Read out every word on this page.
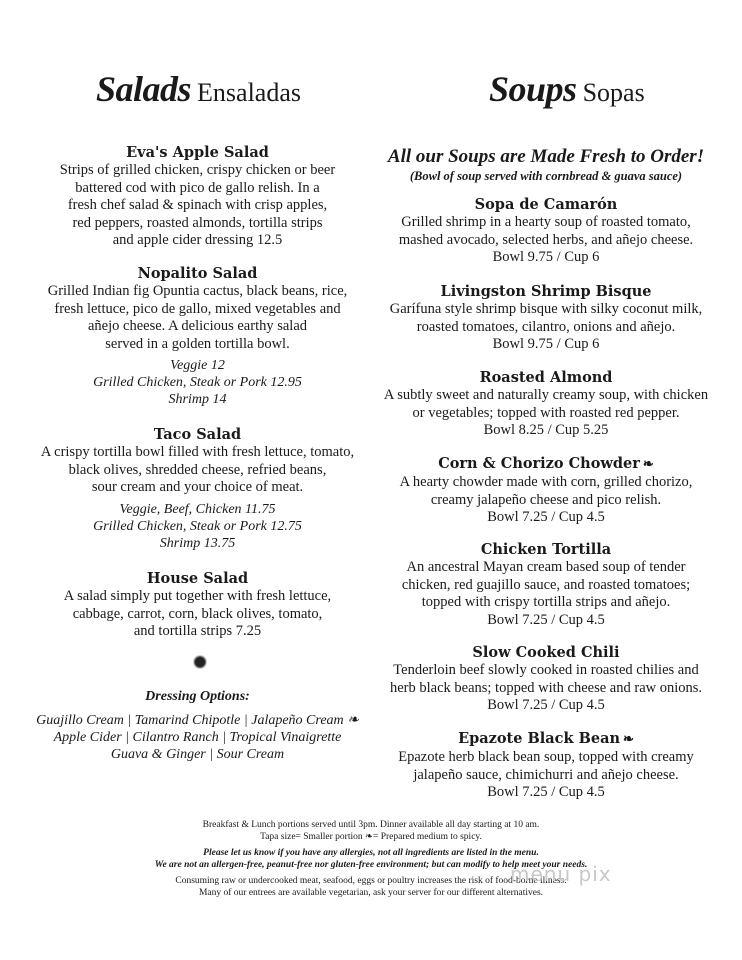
Salads Ensaladas
Eva's Apple Salad
Strips of grilled chicken, crispy chicken or beer
battered cod with pico de gallo relish. In a
fresh chef salad & spinach with crisp apples,
red peppers, roasted almonds, tortilla strips
and apple cider dressing 12.5
Nopalito Salad
Grilled Indian fig Opuntia cactus, black beans, rice,
fresh lettuce, pico de gallo, mixed vegetables and
añejo cheese. A delicious earthy salad
served in a golden tortilla bowl.
Veggie 12
Grilled Chicken, Steak or Pork 12.95
Shrimp 14
Taco Salad
A crispy tortilla bowl filled with fresh lettuce, tomato,
black olives, shredded cheese, refried beans,
sour cream and your choice of meat.
Veggie, Beef, Chicken 11.75
Grilled Chicken, Steak or Pork 12.75
Shrimp 13.75
House Salad
A salad simply put together with fresh lettuce,
cabbage, carrot, corn, black olives, tomato,
and tortilla strips 7.25
Dressing Options:
Guajillo Cream | Tamarind Chipotle | Jalapeño Cream ❧
Apple Cider | Cilantro Ranch | Tropical Vinaigrette
Guava & Ginger | Sour Cream
Soups Sopas
All our Soups are Made Fresh to Order!
(Bowl of soup served with cornbread & guava sauce)
Sopa de Camarón
Grilled shrimp in a hearty soup of roasted tomato,
mashed avocado, selected herbs, and añejo cheese.
Bowl 9.75 / Cup 6
Livingston Shrimp Bisque
Garífuna style shrimp bisque with silky coconut milk,
roasted tomatoes, cilantro, onions and añejo.
Bowl 9.75 / Cup 6
Roasted Almond
A subtly sweet and naturally creamy soup, with chicken
or vegetables; topped with roasted red pepper.
Bowl 8.25 / Cup 5.25
Corn & Chorizo Chowder ❧
A hearty chowder made with corn, grilled chorizo,
creamy jalapeño cheese and pico relish.
Bowl 7.25 / Cup 4.5
Chicken Tortilla
An ancestral Mayan cream based soup of tender
chicken, red guajillo sauce, and roasted tomatoes;
topped with crispy tortilla strips and añejo.
Bowl 7.25 / Cup 4.5
Slow Cooked Chili
Tenderloin beef slowly cooked in roasted chilies and
herb black beans; topped with cheese and raw onions.
Bowl 7.25 / Cup 4.5
Epazote Black Bean ❧
Epazote herb black bean soup, topped with creamy
jalapeño sauce, chimichurri and añejo cheese.
Bowl 7.25 / Cup 4.5
Breakfast & Lunch portions served until 3pm. Dinner available all day starting at 10 am.
Tapa size= Smaller portion ❧= Prepared medium to spicy.
Please let us know if you have any allergies, not all ingredients are listed in the menu.
We are not an allergen-free, peanut-free nor gluten-free environment; but can modify to help meet your needs.
Consuming raw or undercooked meat, seafood, eggs or poultry increases the risk of food-borne illness.
Many of our entrees are available vegetarian, ask your server for our different alternatives.
menu pix
